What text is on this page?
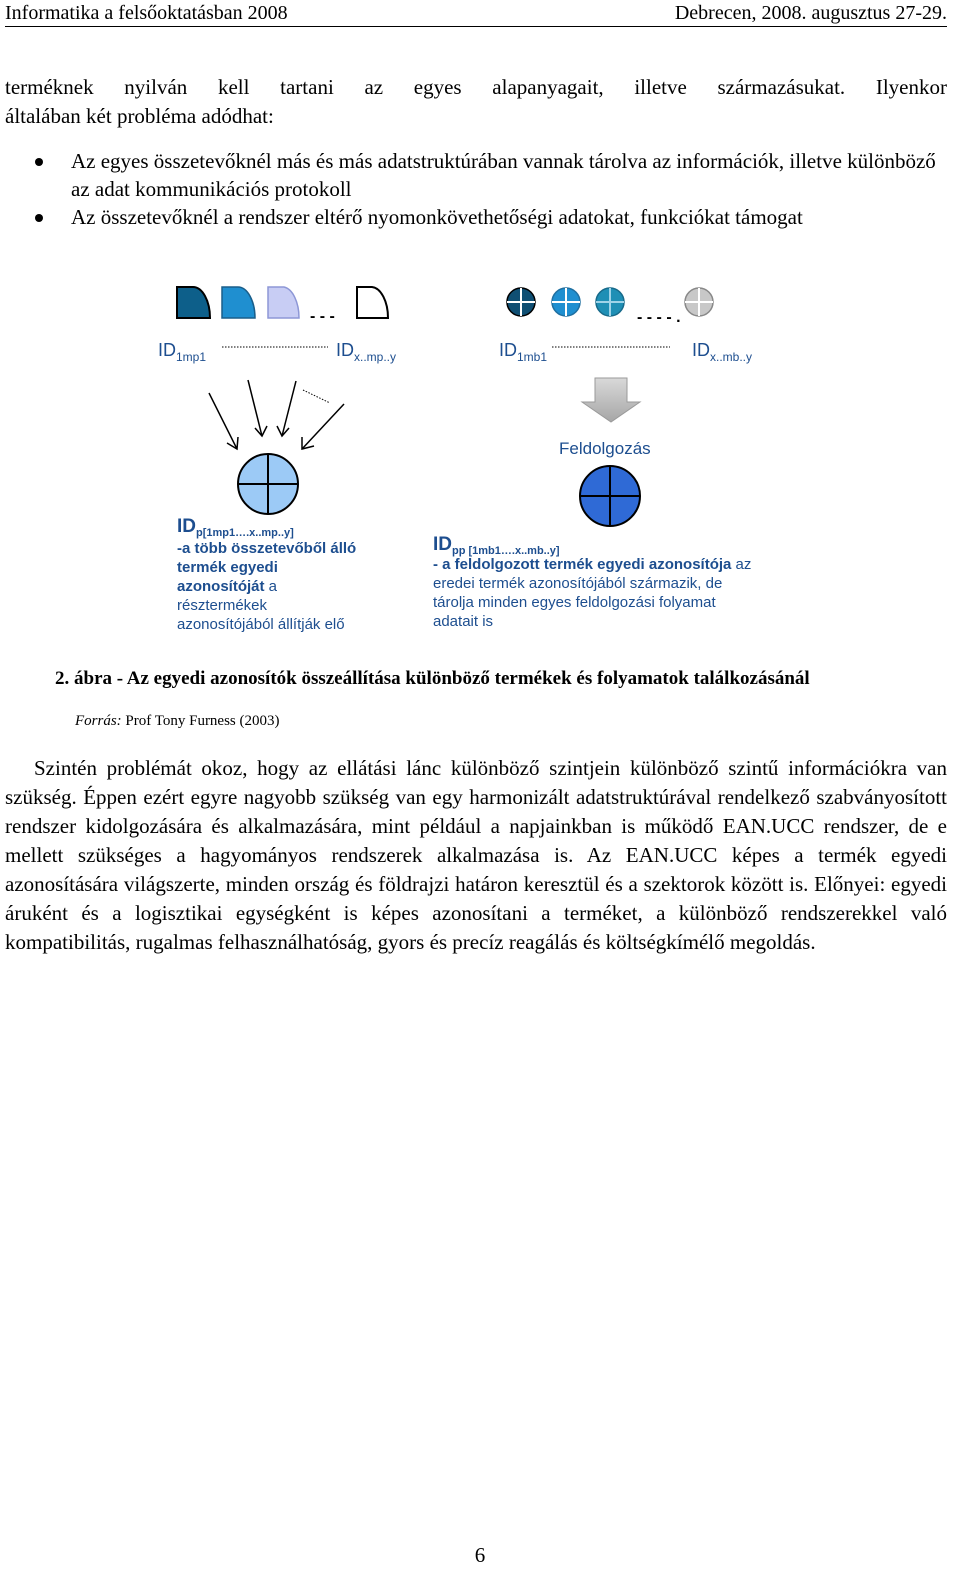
Informatika a felsőoktatásban 2008	Debrecen, 2008. augusztus 27-29.

terméknek nyilván kell tartani az egyes alapanyagait, illetve származásukat. Ilyenkor

általában két probléma adódhat:

Az egyes összetevőknél más és más adatstruktúrában vannak tárolva az információk, illetve különböző az adat kommunikációs protokoll
Az összetevőknél a rendszer eltérő nyomonkövethetőségi adatokat, funkciókat támogat
- - -	- - - - .
$ID_{1mp1}$	$ID_{x..mp..y}$	$ID_{1mb1}$	$ID_{x..mb..y}$
Feldolgozás
$ID_{p[1mp1\dots.x..mp..y]}$
-a több összetevőből álló
termék egyedi
azonosítóját a
résztermékek
azonosítójából állítják elő
$ID_{pp [1mb1\dots.x..mb..y]}$
- a feldolgozott termék egyedi azonosítója az
eredei termék azonosítójából származik, de
tárolja minden egyes feldolgozási folyamat
adatait is
2. ábra - Az egyedi azonosítók összeállítása különböző termékek és folyamatok találkozásánál
Forrás: Prof Tony Furness (2003)

Szintén problémát okoz, hogy az ellátási lánc különböző szintjein különböző szintű információkra van szükség. Éppen ezért egyre nagyobb szükség van egy harmonizált adatstruktúrával rendelkező szabványosított rendszer kidolgozására és alkalmazására, mint például a napjainkban is működő EAN.UCC rendszer, de e mellett szükséges a hagyományos rendszerek alkalmazása is. Az EAN.UCC képes a termék egyedi azonosítására világszerte, minden ország és földrajzi határon keresztül és a szektorok között is. Előnyei: egyedi áruként és a logisztikai egységként is képes azonosítani a terméket, a különböző rendszerekkel való kompatibilitás, rugalmas felhasználhatóság, gyors és precíz reagálás és költségkímélő megoldás.

6
